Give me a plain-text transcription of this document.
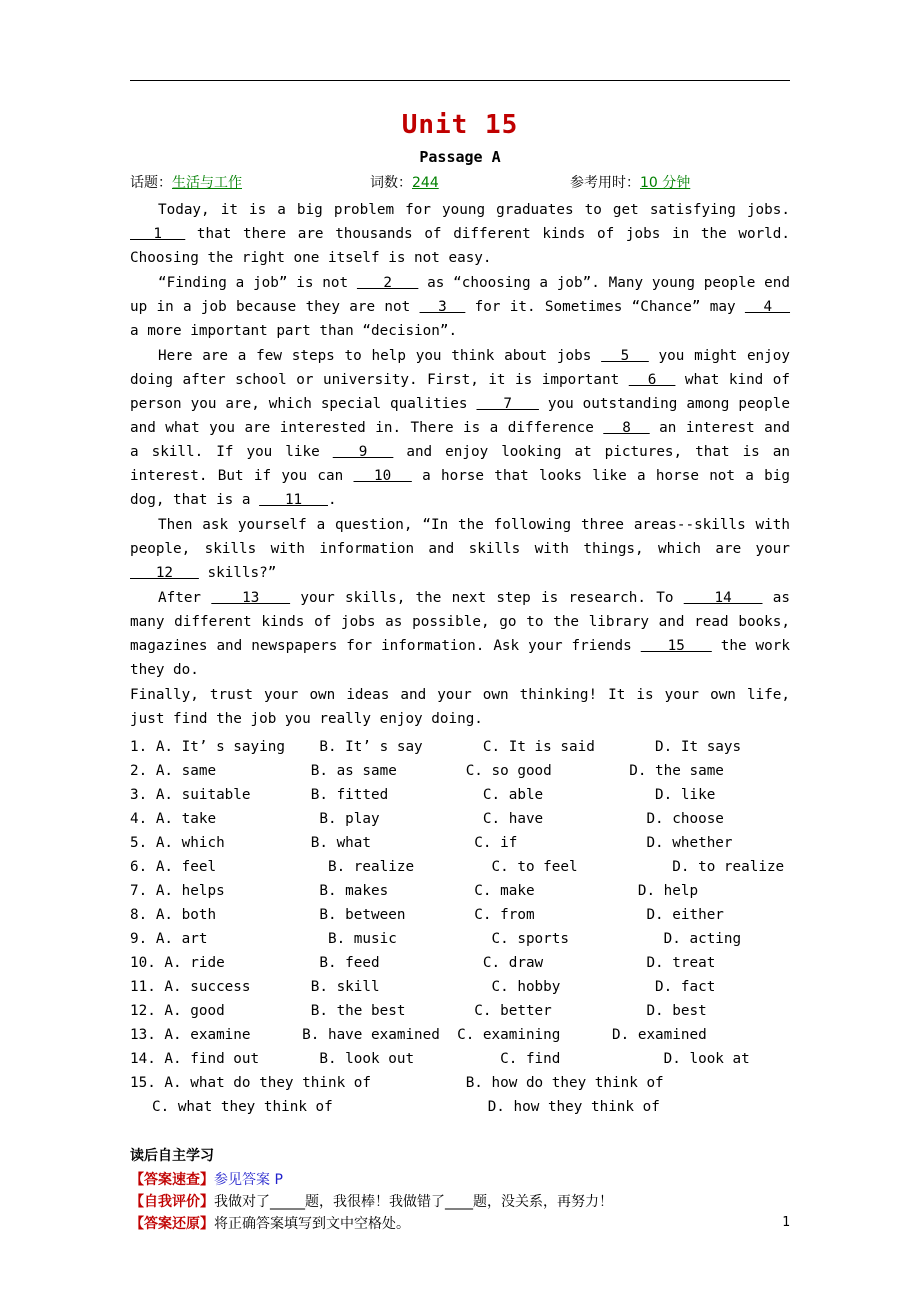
Unit 15
Passage A
话题：生活与工作	词数：244	参考用时：10 分钟

Today, it is a big problem for young graduates to get satisfying jobs.   1   that there are thousands of different kinds of jobs in the world. Choosing the right one itself is not easy.

“Finding a job” is not    2    as “choosing a job”. Many young people end up in a job because they are not   3   for it. Sometimes “Chance” may   4   a more important part than “decision”.

Here are a few steps to help you think about jobs   5   you might enjoy doing after school or university. First, it is important   6   what kind of person you are, which special qualities    7    you outstanding among people and what you are interested in. There is a difference   8   an interest and a skill. If you like   9   and enjoy looking at pictures, that is an interest. But if you can   10   a horse that looks like a horse not a big dog, that is a    11   .

Then ask yourself a question, “In the following three areas--skills with people, skills with information and skills with things, which are your    12    skills?”

After    13    your skills, the next step is research. To    14    as many different kinds of jobs as possible, go to the library and read books, magazines and newspapers for information. Ask your friends    15    the work they do.

Finally, trust your own ideas and your own thinking! It is your own life, just find the job you really enjoy doing.

1. A. It’ s saying    B. It’ s say       C. It is said       D. It says
2. A. same           B. as same        C. so good         D. the same
3. A. suitable       B. fitted           C. able             D. like
4. A. take            B. play            C. have            D. choose
5. A. which          B. what            C. if               D. whether
6. A. feel             B. realize         C. to feel           D. to realize
7. A. helps           B. makes          C. make            D. help
8. A. both            B. between        C. from             D. either
9. A. art              B. music           C. sports           D. acting
10. A. ride           B. feed            C. draw            D. treat
11. A. success       B. skill             C. hobby           D. fact
12. A. good          B. the best        C. better           D. best
13. A. examine      B. have examined  C. examining      D. examined
14. A. find out       B. look out          C. find            D. look at
15. A. what do they think of           B. how do they think of
C. what they think of                  D. how they think of
读后自主学习
【答案速查】参见答案 P
【自我评价】我做对了_____题，我很棒！我做错了____题，没关系，再努力！
【答案还原】将正确答案填写到文中空格处。	1
